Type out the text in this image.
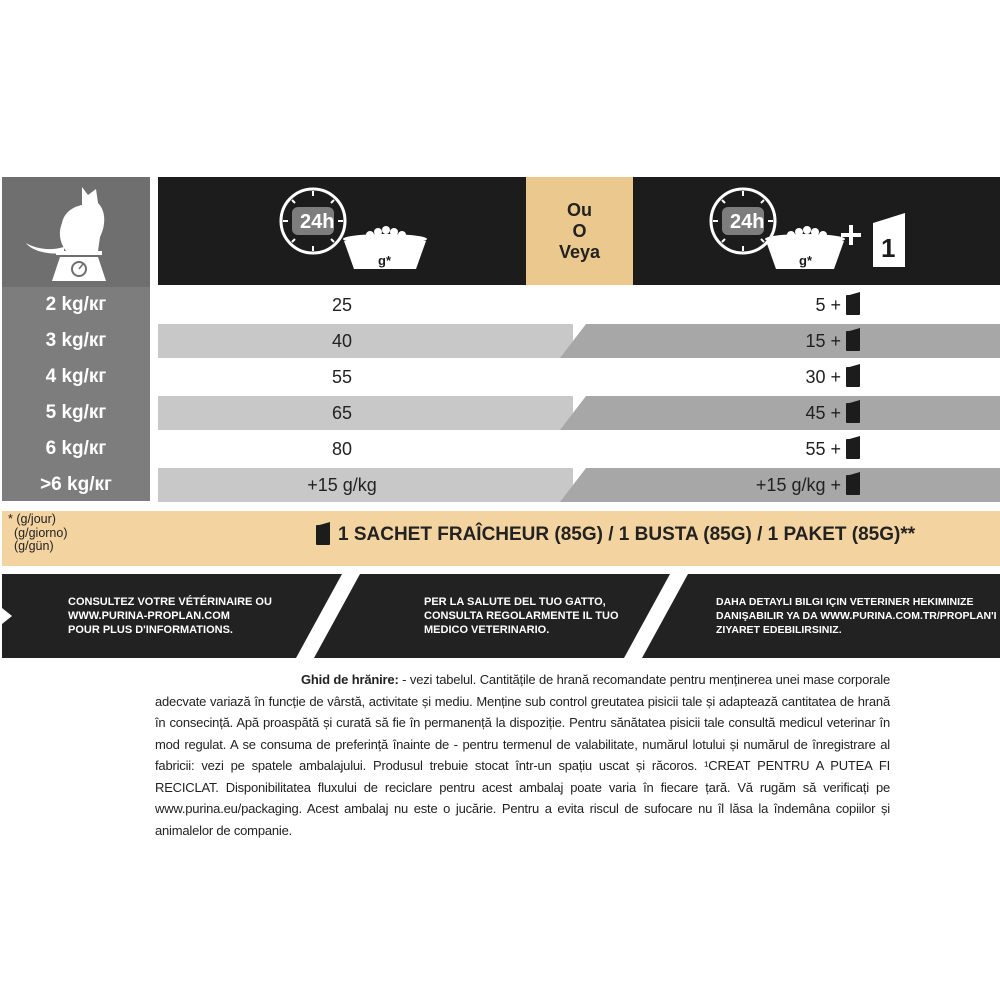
24h
g*
Ou
O
Veya
24h
g*	1
2 kg/кг	25	5 +
3 kg/кг	40	15 +
4 kg/кг	55	30 +
5 kg/кг	65	45 +
6 kg/кг	80	55 +
>6 kg/кг	+15 g/kg	+15 g/kg +
* (g/jour)
(g/giorno)
(g/gün)
1 SACHET FRAÎCHEUR (85G) / 1 BUSTA (85G) / 1 PAKET (85G)**
CONSULTEZ VOTRE VÉTÉRINAIRE OU
WWW.PURINA-PROPLAN.COM
POUR PLUS D'INFORMATIONS.
PER LA SALUTE DEL TUO GATTO,
CONSULTA REGOLARMENTE IL TUO
MEDICO VETERINARIO.
DAHA DETAYLI BILGI IÇIN VETERINER HEKIMINIZE
DANIŞABILIR YA DA WWW.PURINA.COM.TR/PROPLAN'I
ZIYARET EDEBILIRSINIZ.
Ghid de hrănire: - vezi tabelul. Cantitățile de hrană recomandate pentru menținerea unei mase corporale adecvate variază în funcție de vârstă, activitate și mediu. Menține sub control greutatea pisicii tale și adaptează cantitatea de hrană în consecință. Apă proaspătă și curată să fie în permanență la dispoziție. Pentru sănătatea pisicii tale consultă medicul veterinar în mod regulat. A se consuma de preferință înainte de - pentru termenul de valabilitate, numărul lotului și numărul de înregistrare al fabricii: vezi pe spatele ambalajului. Produsul trebuie stocat într-un spațiu uscat și răcoros. ¹CREAT PENTRU A PUTEA FI RECICLAT. Disponibilitatea fluxului de reciclare pentru acest ambalaj poate varia în fiecare țară. Vă rugăm să verificați pe www.purina.eu/packaging. Acest ambalaj nu este o jucărie. Pentru a evita riscul de sufocare nu îl lăsa la îndemâna copiilor și animalelor de companie.
